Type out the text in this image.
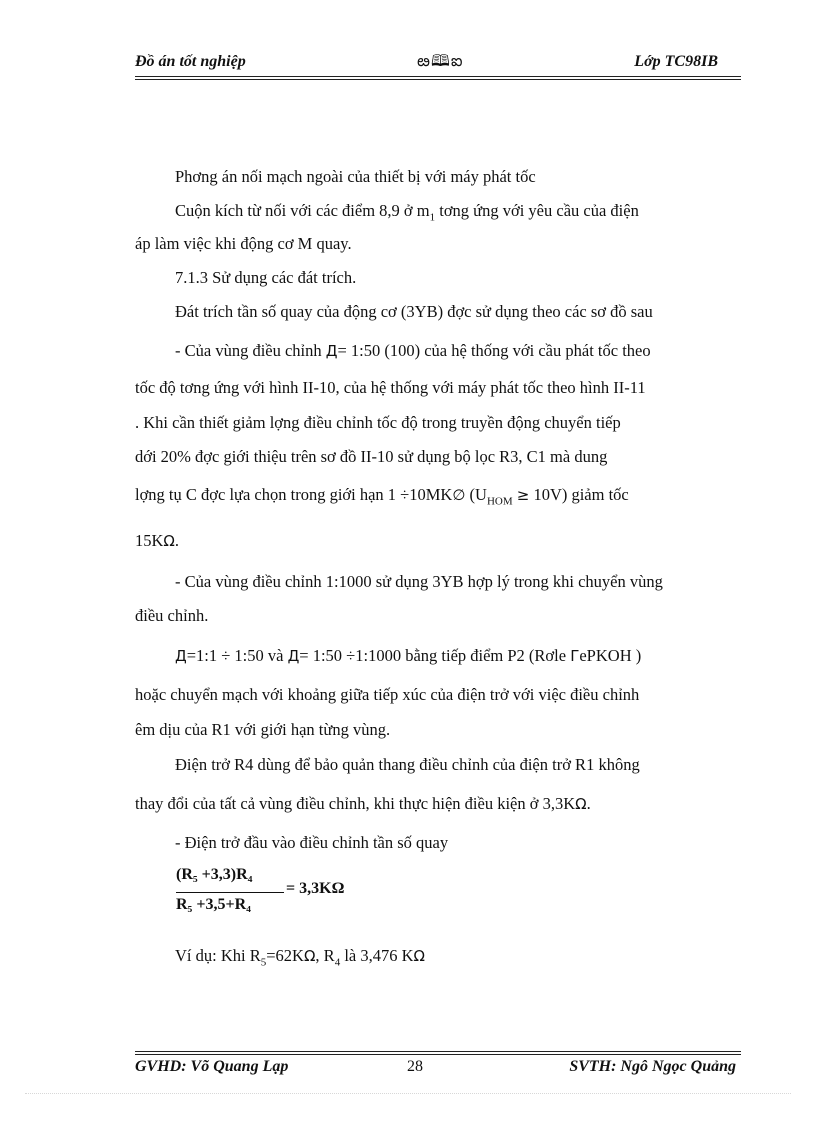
Đồ án tốt nghiệp	ఴ🕮ఐ	Lớp TC98IB
Phơng án nối mạch ngoài của thiết bị với máy phát tốc
Cuộn kích từ nối với các điểm 8,9 ở $m_1$ tơng ứng với yêu cầu của điện
áp làm việc khi động cơ M quay.
7.1.3 Sử dụng các đát trích.
Đát trích tần số quay của động cơ (3YB) đợc sử dụng theo các sơ đồ sau
- Của vùng điều chỉnh Д= 1:50 (100) của hệ thống với cầu phát tốc theo
tốc độ tơng ứng với hình II-10, của hệ thống với máy phát tốc theo hình II-11
. Khi cần thiết giảm lợng điều chỉnh tốc độ trong truyền động chuyển tiếp
dới 20% đợc giới thiệu trên sơ đồ II-10 sử dụng bộ lọc R3, C1 mà dung
lợng tụ C đợc lựa chọn trong giới hạn 1 ÷10MK∅ $(U_{HOM} \ge 10V)$ giảm tốc
15KΩ.
- Của vùng điều chỉnh 1:1000 sử dụng 3YB hợp lý trong khi chuyển vùng
điều chỉnh.
Д=1:1 ÷ 1:50 và Д= 1:50 ÷1:1000 bằng tiếp điểm P2 (Rơle ГePKOH )
hoặc chuyển mạch với khoảng giữa tiếp xúc của điện trở với việc điều chỉnh
êm dịu của R1 với giới hạn từng vùng.
Điện trở R4 dùng để bảo quản thang điều chỉnh của điện trở R1 không
thay đổi của tất cả vùng điều chỉnh, khi thực hiện điều kiện ở 3,3KΩ.
- Điện trở đầu vào điều chỉnh tần số quay
(R₅ +3,3)R₄
R₅ +3,5+R₄
= 3,3KΩ
Ví dụ: Khi $R_5=62K\Omega$, $R_4$ là 3,476 KΩ
GVHD: Võ Quang Lạp	28	SVTH: Ngô Ngọc Quảng
